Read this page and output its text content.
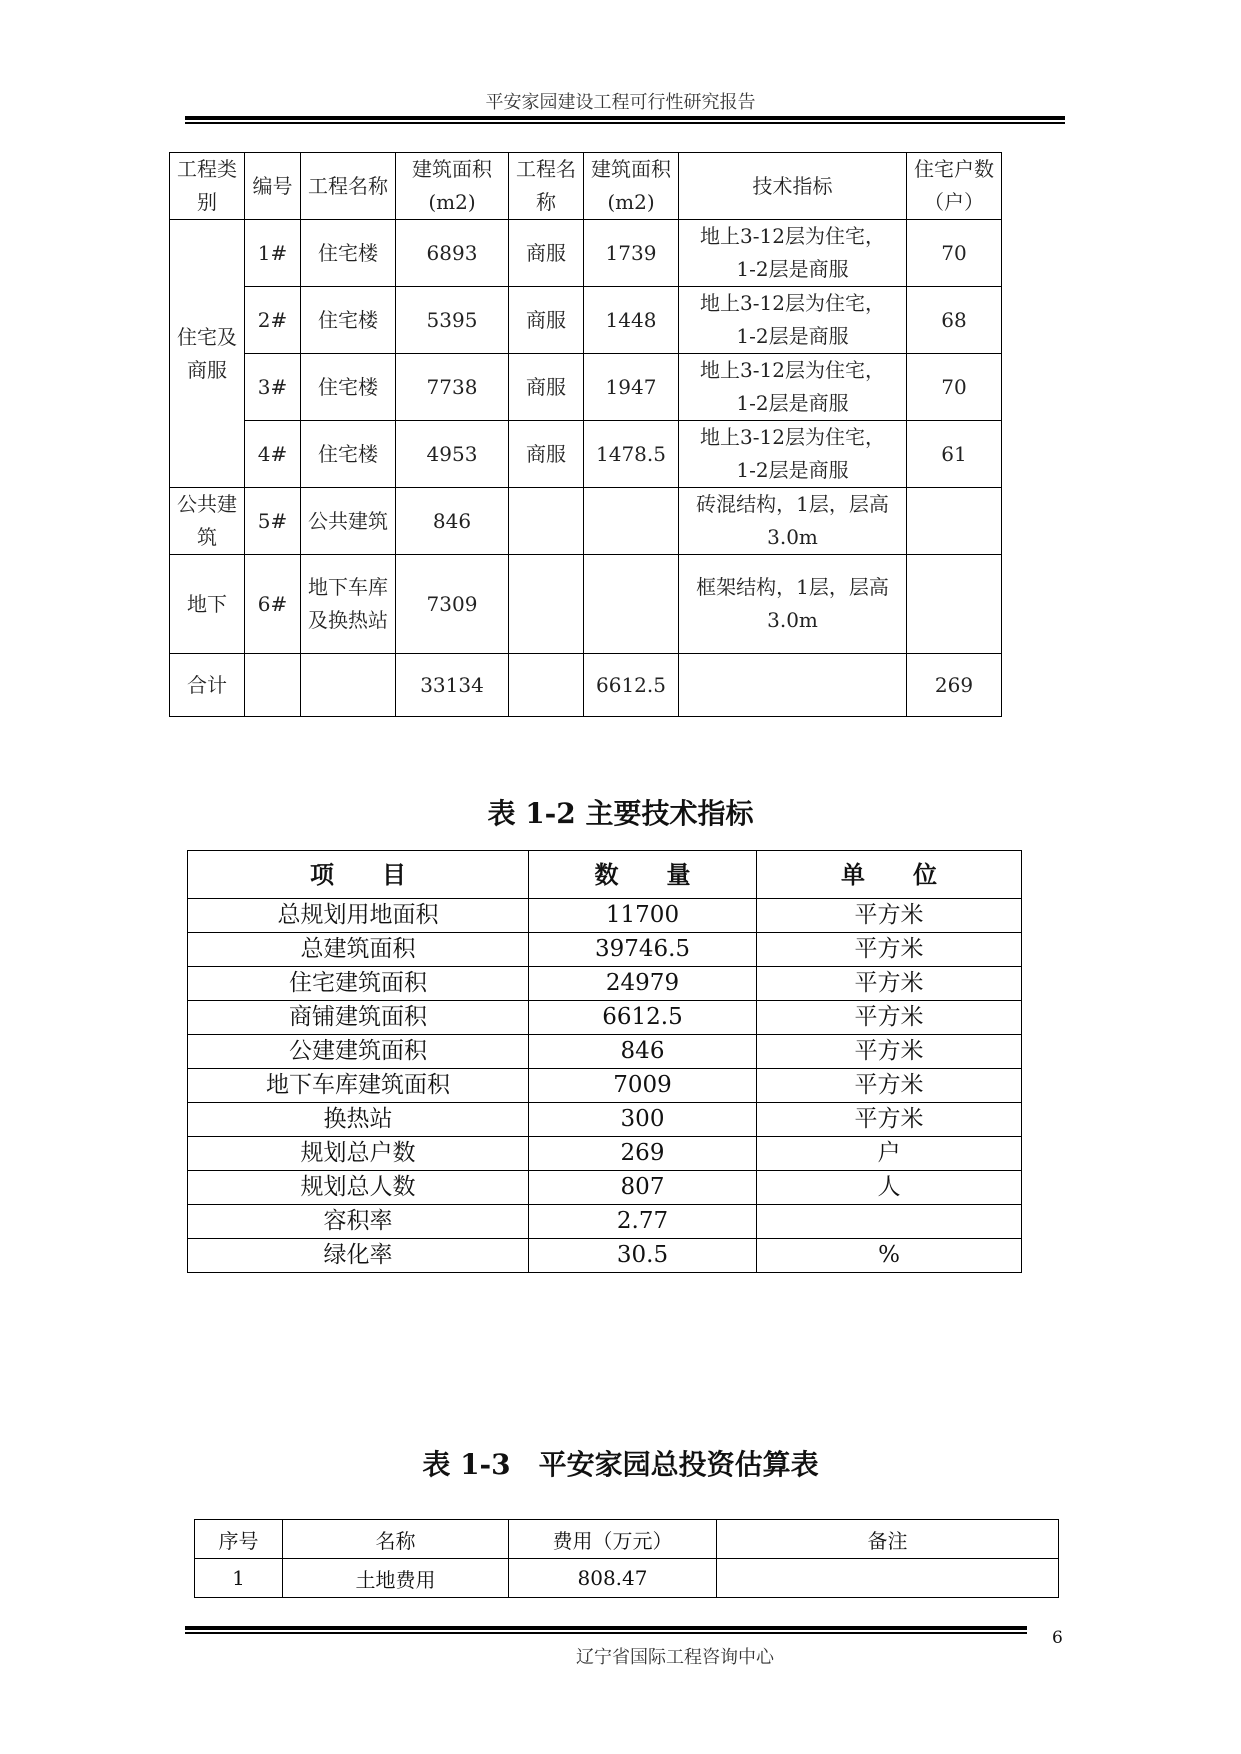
平安家园建设工程可行性研究报告
工程类别	编号	工程名称	建筑面积(m2)	工程名称	建筑面积(m2)	技术指标	住宅户数（户）
住宅及商服	1#	住宅楼	6893	商服	1739	地上3-12层为住宅，
1-2层是商服	70
	2#	住宅楼	5395	商服	1448	地上3-12层为住宅，
1-2层是商服	68
	3#	住宅楼	7738	商服	1947	地上3-12层为住宅，
1-2层是商服	70
	4#	住宅楼	4953	商服	1478.5	地上3-12层为住宅，
1-2层是商服	61
公共建筑	5#	公共建筑	846			砖混结构，1层，层高
3.0m	
地下	6#	地下车库及换热站	7309			框架结构，1层，层高
3.0m	
合计			33134		6612.5		269
表 1-2 主要技术指标
项　　目	数　　量	单　　位
总规划用地面积	11700	平方米
总建筑面积	39746.5	平方米
住宅建筑面积	24979	平方米
商铺建筑面积	6612.5	平方米
公建建筑面积	846	平方米
地下车库建筑面积	7009	平方米
换热站	300	平方米
规划总户数	269	户
规划总人数	807	人
容积率	2.77	
绿化率	30.5	%
表 1-3　平安家园总投资估算表
序号	名称	费用（万元）	备注
1	土地费用	808.47	
6
辽宁省国际工程咨询中心
